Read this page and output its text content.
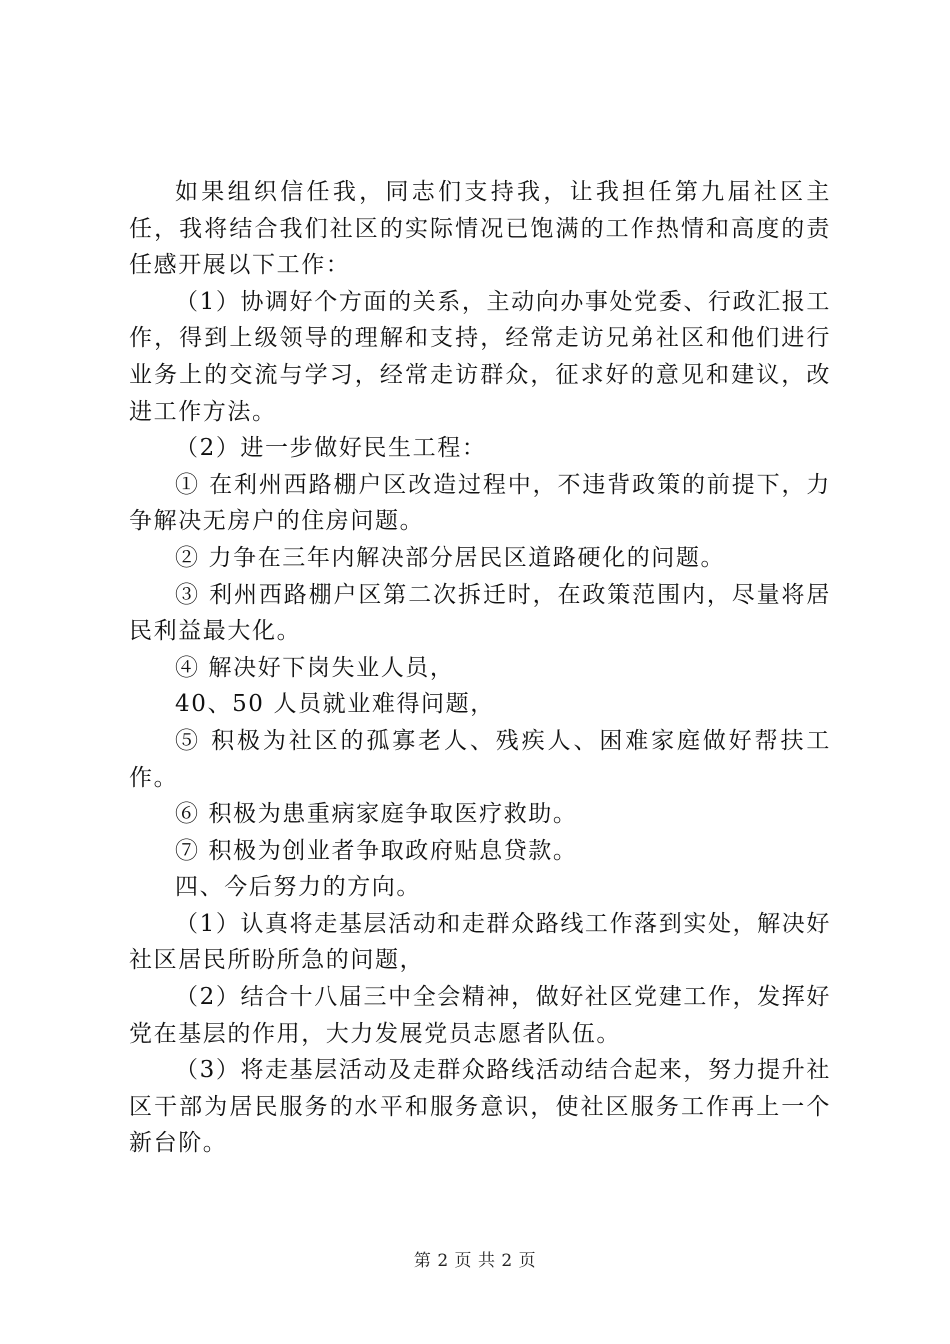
如果组织信任我，同志们支持我，让我担任第九届社区主任，我将结合我们社区的实际情况已饱满的工作热情和高度的责任感开展以下工作：

（1）协调好个方面的关系，主动向办事处党委、行政汇报工作，得到上级领导的理解和支持，经常走访兄弟社区和他们进行业务上的交流与学习，经常走访群众，征求好的意见和建议，改进工作方法。

（2）进一步做好民生工程：

① 在利州西路棚户区改造过程中，不违背政策的前提下，力争解决无房户的住房问题。

② 力争在三年内解决部分居民区道路硬化的问题。

③ 利州西路棚户区第二次拆迁时，在政策范围内，尽量将居民利益最大化。

④ 解决好下岗失业人员，

40、50 人员就业难得问题，

⑤ 积极为社区的孤寡老人、残疾人、困难家庭做好帮扶工作。

⑥ 积极为患重病家庭争取医疗救助。

⑦ 积极为创业者争取政府贴息贷款。

四、今后努力的方向。

（1）认真将走基层活动和走群众路线工作落到实处，解决好社区居民所盼所急的问题，

（2）结合十八届三中全会精神，做好社区党建工作，发挥好党在基层的作用，大力发展党员志愿者队伍。

（3）将走基层活动及走群众路线活动结合起来，努力提升社区干部为居民服务的水平和服务意识，使社区服务工作再上一个新台阶。

第 2 页 共 2 页
